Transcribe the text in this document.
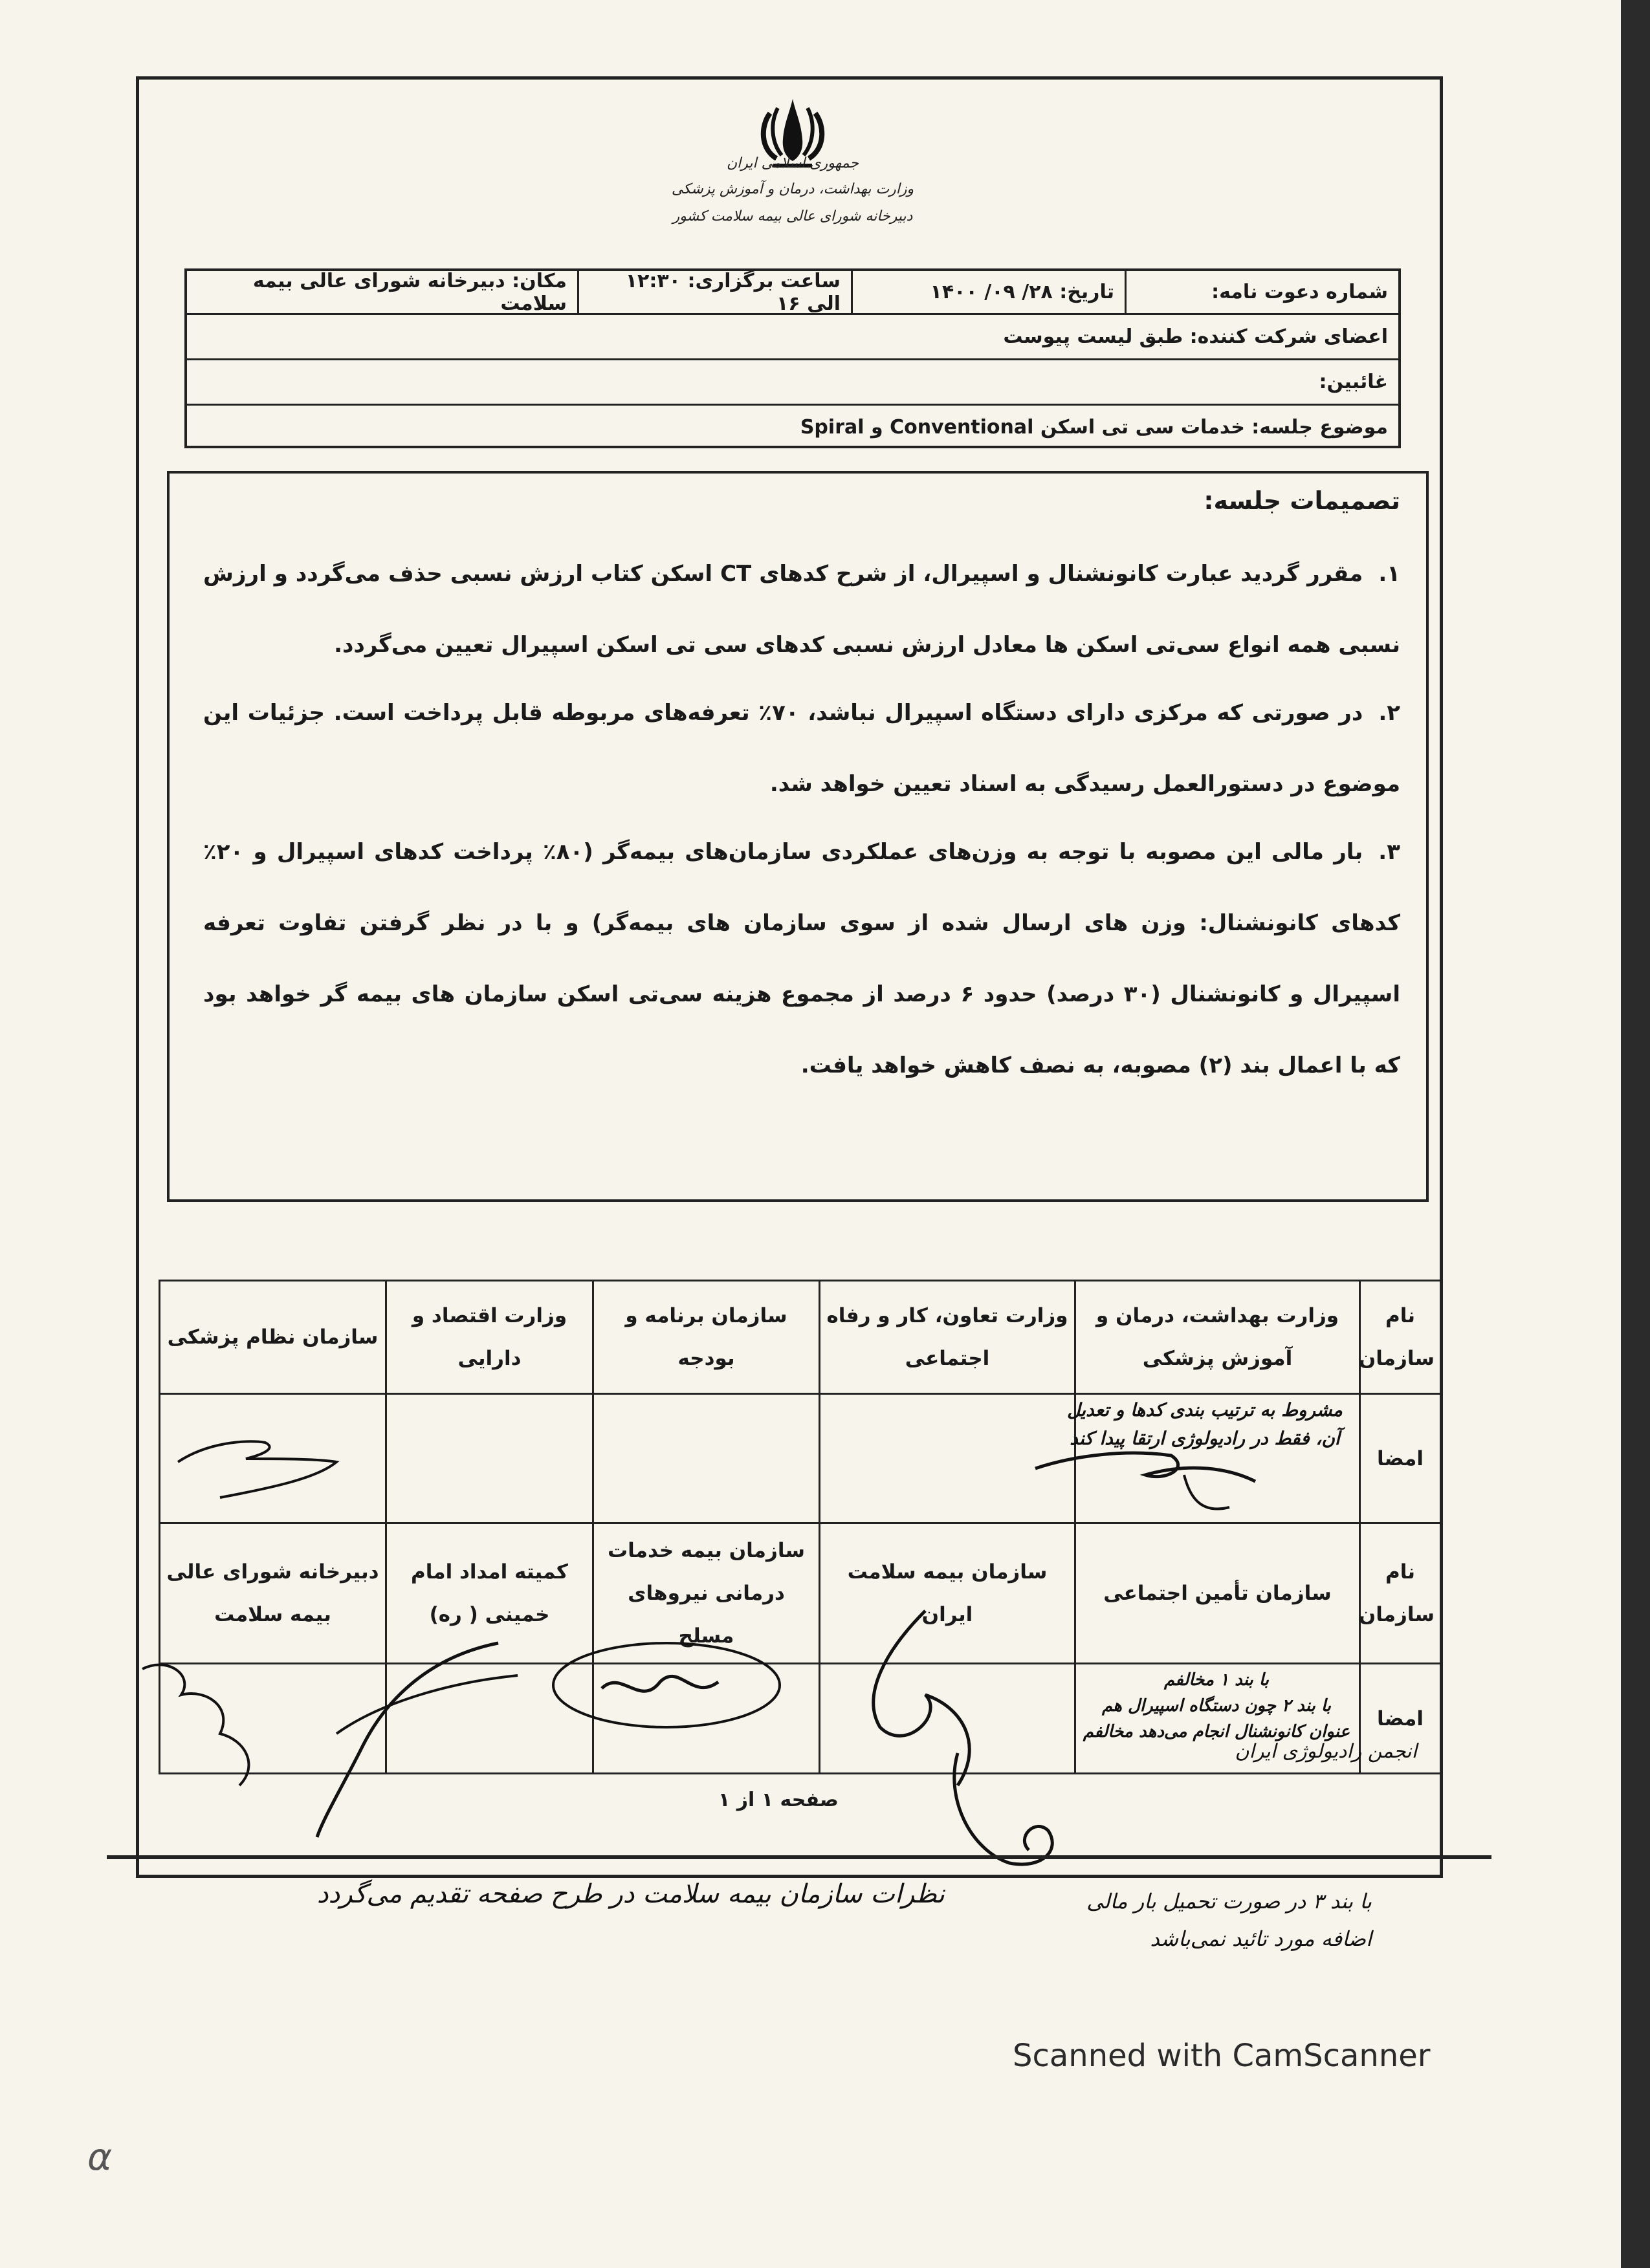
جمهوری اسلامی ایران
وزارت بهداشت، درمان و آموزش پزشکی
دبیرخانه شورای عالی بیمه سلامت کشور
شماره دعوت نامه:
تاریخ: ۲۸/ ۰۹/ ۱۴۰۰
ساعت برگزاری: ۱۲:۳۰ الی ۱۶
مکان: دبیرخانه شورای عالی بیمه سلامت
اعضای شرکت کننده: طبق لیست پیوست
غائبین:
موضوع جلسه: خدمات سی تی اسکن Conventional و Spiral
تصمیمات جلسه:
۱.مقرر گردید عبارت کانونشنال و اسپیرال، از شرح کدهای CT اسکن کتاب ارزش نسبی حذف می‌گردد و ارزش نسبی همه انواع سی‌تی اسکن ها معادل ارزش نسبی کدهای سی تی اسکن اسپیرال تعیین می‌گردد.
۲.در صورتی که مرکزی دارای دستگاه اسپیرال نباشد، ۷۰٪ تعرفه‌های مربوطه قابل پرداخت است. جزئیات این موضوع در دستورالعمل رسیدگی به اسناد تعیین خواهد شد.
۳.بار مالی این مصوبه با توجه به وزن‌های عملکردی سازمان‌های بیمه‌گر (۸۰٪ پرداخت کدهای اسپیرال و ۲۰٪ کدهای کانونشنال: وزن های ارسال شده از سوی سازمان های بیمه‌گر) و با در نظر گرفتن تفاوت تعرفه اسپیرال و کانونشنال (۳۰ درصد) حدود ۶ درصد از مجموع هزینه سی‌تی اسکن سازمان های بیمه گر خواهد بود که با اعمال بند (۲) مصوبه، به نصف کاهش خواهد یافت.
نام سازمان	وزارت بهداشت، درمان و آموزش پزشکی	وزارت تعاون، کار و رفاه اجتماعی	سازمان برنامه و بودجه	وزارت اقتصاد و دارایی	سازمان نظام پزشکی
امضا	مشروط به ترتیب بندی کدها و تعدیل آن، فقط در رادیولوژی ارتقا پیدا کند				

نام سازمان	سازمان تأمین اجتماعی	سازمان بیمه سلامت ایران	سازمان بیمه خدمات درمانی نیروهای مسلح	کمیته امداد امام خمینی ( ره)	دبیرخانه شورای عالی بیمه سلامت
امضا	با بند ۱ مخالفم
با بند ۲ چون دستگاه اسپیرال هم عنوان کانونشنال انجام می‌دهد مخالفم				

انجمن رادیولوژی ایران
صفحه ۱ از ۱
نظرات سازمان بیمه سلامت در طرح صفحه تقدیم می‌گردد	با بند ۳ در صورت تحمیل بار مالی اضافه مورد تائید نمی‌باشد
Scanned with CamScanner
α
